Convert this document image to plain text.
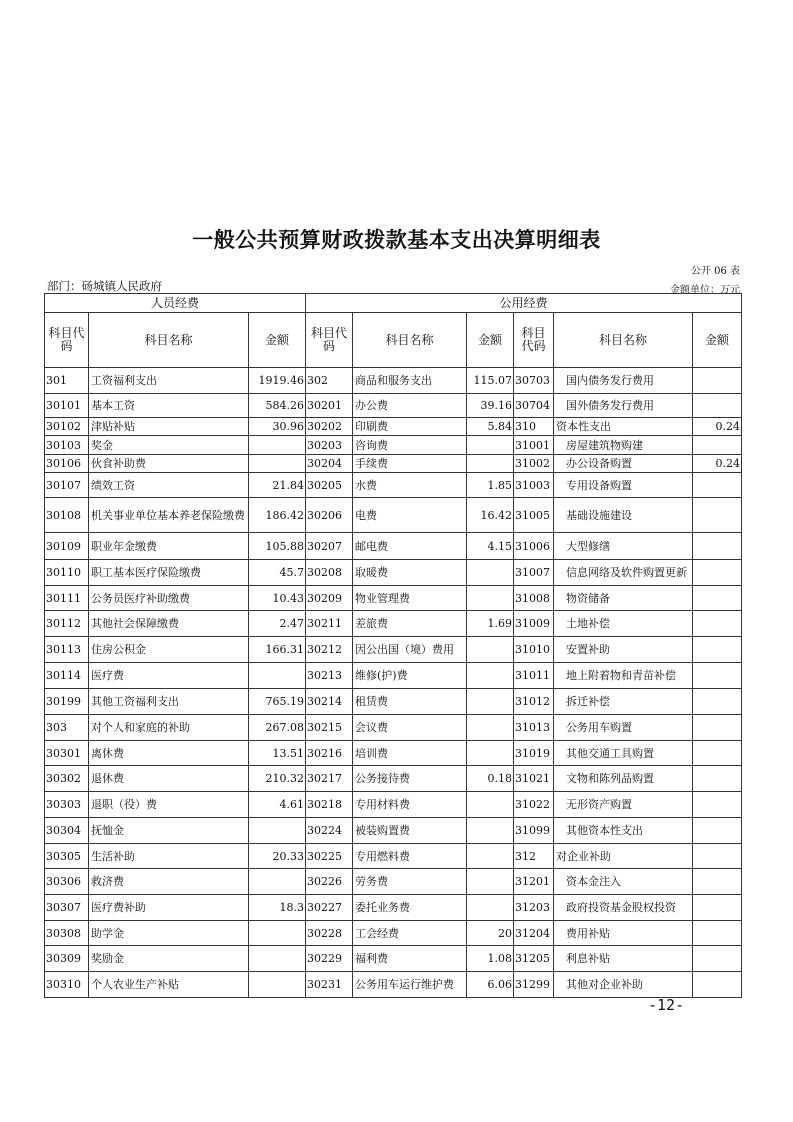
一般公共预算财政拨款基本支出决算明细表
公开 06 表
部门：砀城镇人民政府	金额单位：万元
人员经费			公用经费					
科目代码	科目名称	金额	科目代码	科目名称	金额	科目代码	科目名称	金额
301	工资福利支出	1919.46	302	商品和服务支出	115.07	30703	国内债务发行费用	
30101	基本工资	584.26	30201	办公费	39.16	30704	国外债务发行费用	
30102	津贴补贴	30.96	30202	印刷费	5.84	310	资本性支出	0.24
30103	奖金		30203	咨询费		31001	房屋建筑物购建	
30106	伙食补助费		30204	手续费		31002	办公设备购置	0.24
30107	绩效工资	21.84	30205	水费	1.85	31003	专用设备购置	
30108	机关事业单位基本养老保险缴费	186.42	30206	电费	16.42	31005	基础设施建设	
30109	职业年金缴费	105.88	30207	邮电费	4.15	31006	大型修缮	
30110	职工基本医疗保险缴费	45.7	30208	取暖费		31007	信息网络及软件购置更新	
30111	公务员医疗补助缴费	10.43	30209	物业管理费		31008	物资储备	
30112	其他社会保障缴费	2.47	30211	差旅费	1.69	31009	土地补偿	
30113	住房公积金	166.31	30212	因公出国（境）费用		31010	安置补助	
30114	医疗费		30213	维修(护)费		31011	地上附着物和青苗补偿	
30199	其他工资福利支出	765.19	30214	租赁费		31012	拆迁补偿	
303	对个人和家庭的补助	267.08	30215	会议费		31013	公务用车购置	
30301	离休费	13.51	30216	培训费		31019	其他交通工具购置	
30302	退休费	210.32	30217	公务接待费	0.18	31021	文物和陈列品购置	
30303	退职（役）费	4.61	30218	专用材料费		31022	无形资产购置	
30304	抚恤金		30224	被装购置费		31099	其他资本性支出	
30305	生活补助	20.33	30225	专用燃料费		312	对企业补助	
30306	救济费		30226	劳务费		31201	资本金注入	
30307	医疗费补助	18.3	30227	委托业务费		31203	政府投资基金股权投资	
30308	助学金		30228	工会经费	20	31204	费用补贴	
30309	奖励金		30229	福利费	1.08	31205	利息补贴	
30310	个人农业生产补贴		30231	公务用车运行维护费	6.06	31299	其他对企业补助	
-12-
